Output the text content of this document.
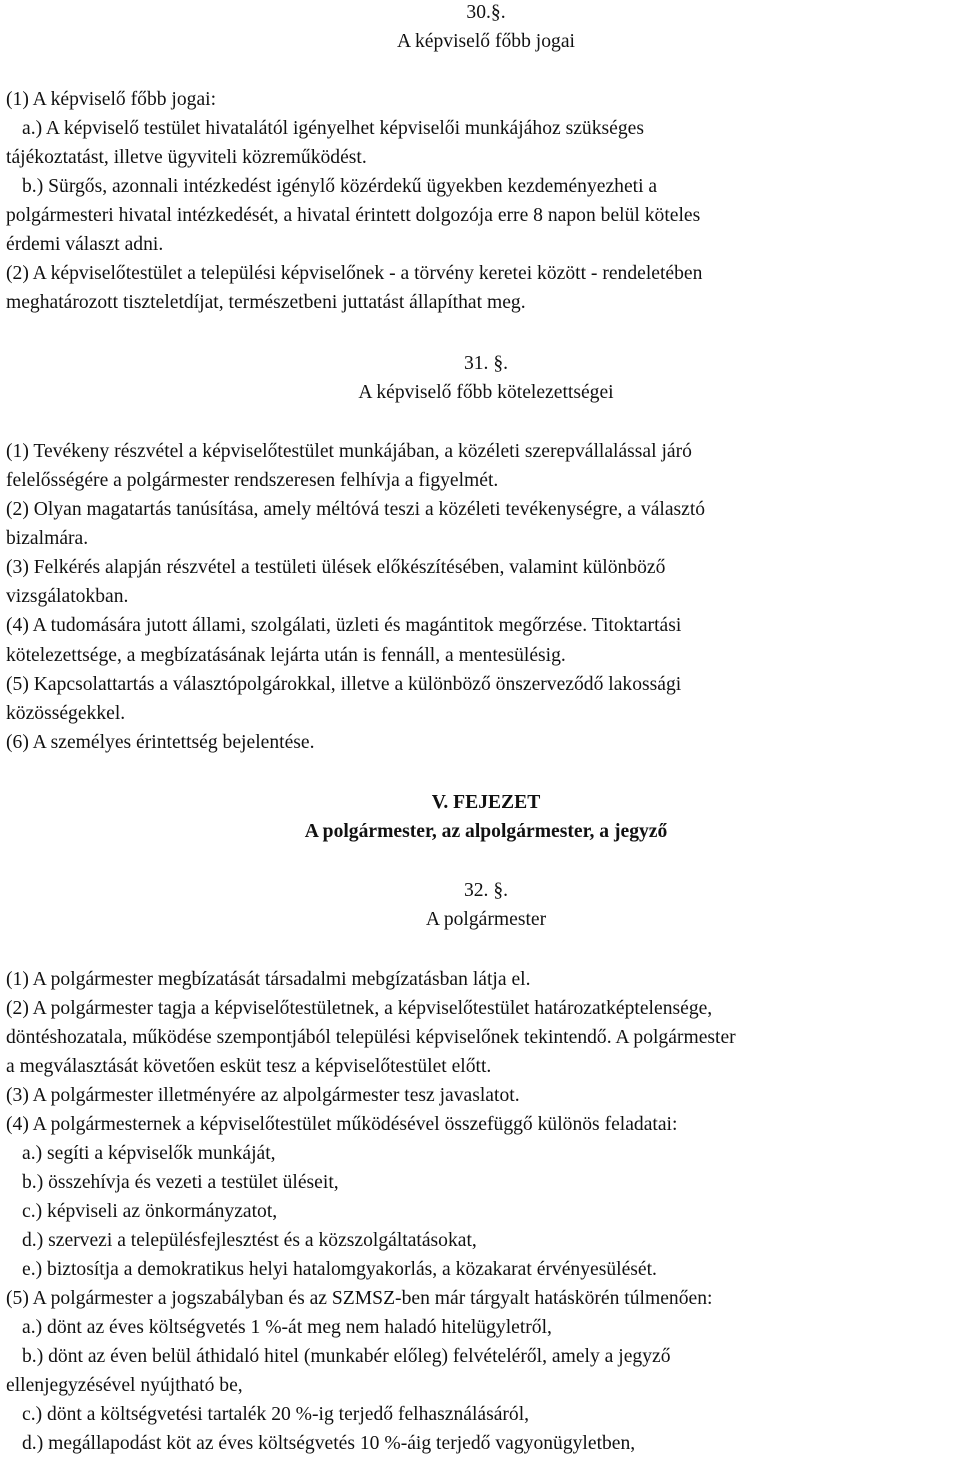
30.§.
A képviselő főbb jogai
(1) A képviselő főbb jogai:
a.) A képviselő testület hivatalától igényelhet képviselői munkájához szükséges
tájékoztatást, illetve ügyviteli közreműködést.
b.) Sürgős, azonnali intézkedést igénylő közérdekű ügyekben kezdeményezheti a
polgármesteri hivatal intézkedését, a hivatal érintett dolgozója erre 8 napon belül köteles
érdemi választ adni.
(2) A képviselőtestület a települési képviselőnek - a törvény keretei között - rendeletében
meghatározott tiszteletdíjat, természetbeni juttatást állapíthat meg.
31. §.
A képviselő főbb kötelezettségei
(1) Tevékeny részvétel a képviselőtestület munkájában, a közéleti szerepvállalással járó
felelősségére a polgármester rendszeresen felhívja a figyelmét.
(2) Olyan magatartás tanúsítása, amely méltóvá teszi a közéleti tevékenységre, a választó
bizalmára.
(3) Felkérés alapján részvétel a testületi ülések előkészítésében, valamint különböző
vizsgálatokban.
(4) A tudomására jutott állami, szolgálati, üzleti és magántitok megőrzése. Titoktartási
kötelezettsége, a megbízatásának lejárta után is fennáll, a mentesülésig.
(5) Kapcsolattartás a választópolgárokkal, illetve a különböző önszerveződő lakossági
közösségekkel.
(6) A személyes érintettség bejelentése.
V. FEJEZET
A polgármester, az alpolgármester, a jegyző
32. §.
A polgármester
(1) A polgármester megbízatását társadalmi mebgízatásban látja el.
(2) A polgármester tagja a képviselőtestületnek, a képviselőtestület határozatképtelensége,
döntéshozatala, működése szempontjából települési képviselőnek tekintendő. A polgármester
a megválasztását követően esküt tesz a képviselőtestület előtt.
(3) A polgármester illetményére az alpolgármester tesz javaslatot.
(4) A polgármesternek a képviselőtestület működésével összefüggő különös feladatai:
a.) segíti a képviselők munkáját,
b.) összehívja és vezeti a testület üléseit,
c.) képviseli az önkormányzatot,
d.) szervezi a településfejlesztést és a közszolgáltatásokat,
e.) biztosítja a demokratikus helyi hatalomgyakorlás, a közakarat érvényesülését.
(5) A polgármester a jogszabályban és az SZMSZ-ben már tárgyalt hatáskörén túlmenően:
a.) dönt az éves költségvetés 1 %-át meg nem haladó hitelügyletről,
b.) dönt az éven belül áthidaló hitel (munkabér előleg) felvételéről, amely a jegyző
ellenjegyzésével nyújtható be,
c.) dönt a költségvetési tartalék 20 %-ig terjedő felhasználásáról,
d.) megállapodást köt az éves költségvetés 10 %-áig terjedő vagyonügyletben,
